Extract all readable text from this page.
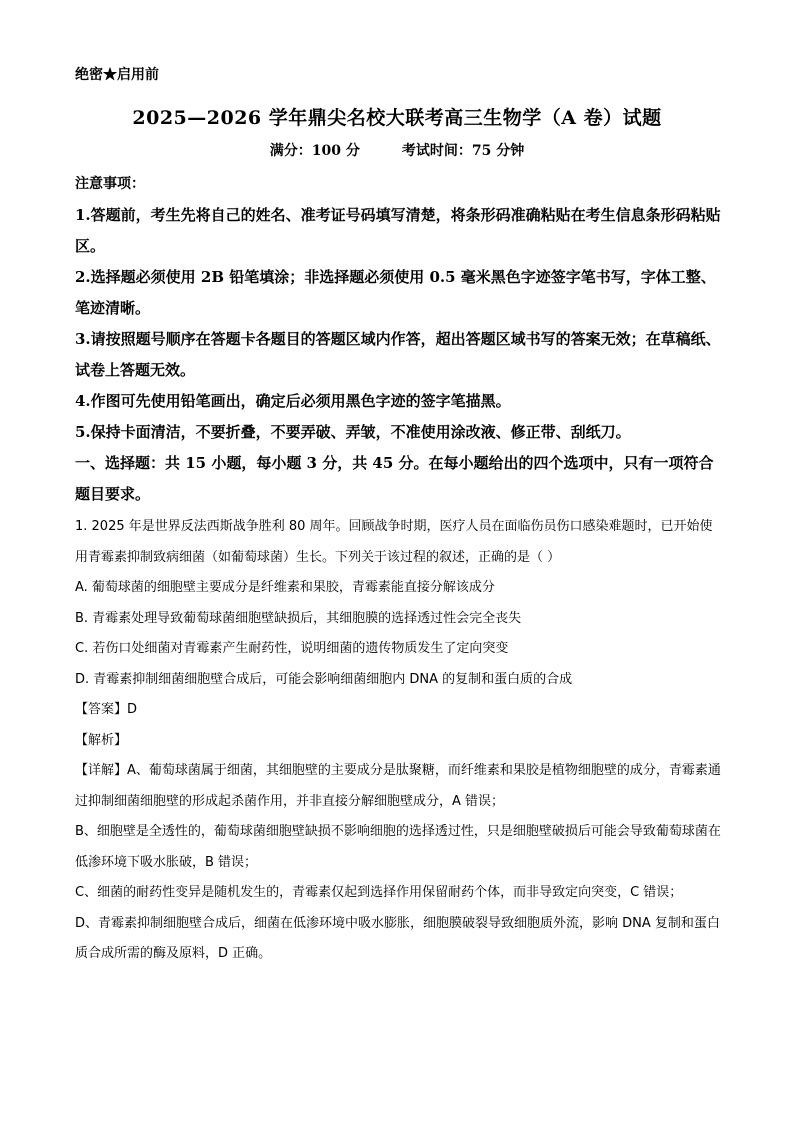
绝密★启用前
2025—2026 学年鼎尖名校大联考高三生物学（A 卷）试题
满分：100 分	考试时间：75 分钟

注意事项：

1.答题前，考生先将自己的姓名、准考证号码填写清楚，将条形码准确粘贴在考生信息条形码粘贴区。

2.选择题必须使用 2B 铅笔填涂；非选择题必须使用 0.5 毫米黑色字迹签字笔书写，字体工整、笔迹清晰。

3.请按照题号顺序在答题卡各题目的答题区域内作答，超出答题区域书写的答案无效；在草稿纸、试卷上答题无效。

4.作图可先使用铅笔画出，确定后必须用黑色字迹的签字笔描黑。

5.保持卡面清洁，不要折叠，不要弄破、弄皱，不准使用涂改液、修正带、刮纸刀。

一、选择题：共 15 小题，每小题 3 分，共 45 分。在每小题给出的四个选项中，只有一项符合题目要求。

1. 2025 年是世界反法西斯战争胜利 80 周年。回顾战争时期，医疗人员在面临伤员伤口感染难题时，已开始使用青霉素抑制致病细菌（如葡萄球菌）生长。下列关于该过程的叙述，正确的是（ ）

A. 葡萄球菌的细胞壁主要成分是纤维素和果胶，青霉素能直接分解该成分

B. 青霉素处理导致葡萄球菌细胞壁缺损后，其细胞膜的选择透过性会完全丧失

C. 若伤口处细菌对青霉素产生耐药性，说明细菌的遗传物质发生了定向突变

D. 青霉素抑制细菌细胞壁合成后，可能会影响细菌细胞内 DNA 的复制和蛋白质的合成

【答案】D

【解析】

【详解】A、葡萄球菌属于细菌，其细胞壁的主要成分是肽聚糖，而纤维素和果胶是植物细胞壁的成分，青霉素通过抑制细菌细胞壁的形成起杀菌作用，并非直接分解细胞壁成分，A 错误；

B、细胞壁是全透性的，葡萄球菌细胞壁缺损不影响细胞的选择透过性，只是细胞壁破损后可能会导致葡萄球菌在低渗环境下吸水胀破，B 错误；

C、细菌的耐药性变异是随机发生的，青霉素仅起到选择作用保留耐药个体，而非导致定向突变，C 错误；

D、青霉素抑制细胞壁合成后，细菌在低渗环境中吸水膨胀，细胞膜破裂导致细胞质外流，影响 DNA 复制和蛋白质合成所需的酶及原料，D 正确。
